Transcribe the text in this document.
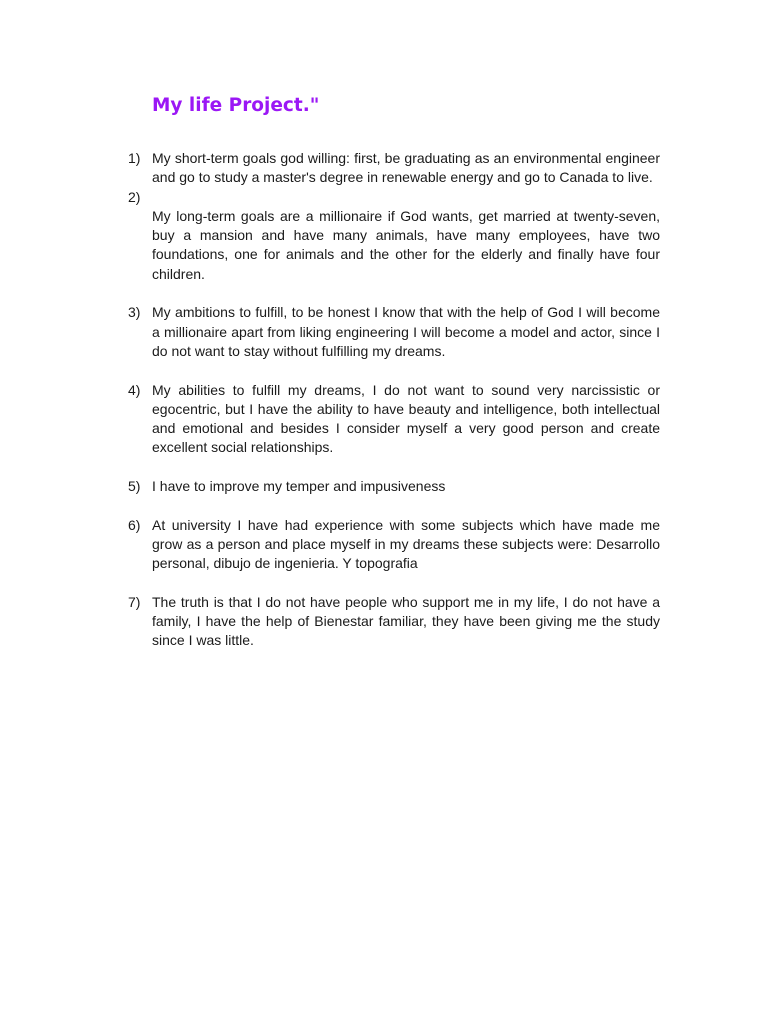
My life Project."
1) My short-term goals god willing: first, be graduating as an environmental engineer and go to study a master's degree in renewable energy and go to Canada to live.
2)
My long-term goals are a millionaire if God wants, get married at twenty-seven, buy a mansion and have many animals, have many employees, have two foundations, one for animals and the other for the elderly and finally have four children.
3) My ambitions to fulfill, to be honest I know that with the help of God I will become a millionaire apart from liking engineering I will become a model and actor, since I do not want to stay without fulfilling my dreams.
4) My abilities to fulfill my dreams, I do not want to sound very narcissistic or egocentric, but I have the ability to have beauty and intelligence, both intellectual and emotional and besides I consider myself a very good person and create excellent social relationships.
5) I have to improve my temper and impusiveness
6) At university I have had experience with some subjects which have made me grow as a person and place myself in my dreams these subjects were: Desarrollo personal, dibujo de ingenieria. Y topografia
7) The truth is that I do not have people who support me in my life, I do not have a family, I have the help of Bienestar familiar, they have been giving me the study since I was little.
